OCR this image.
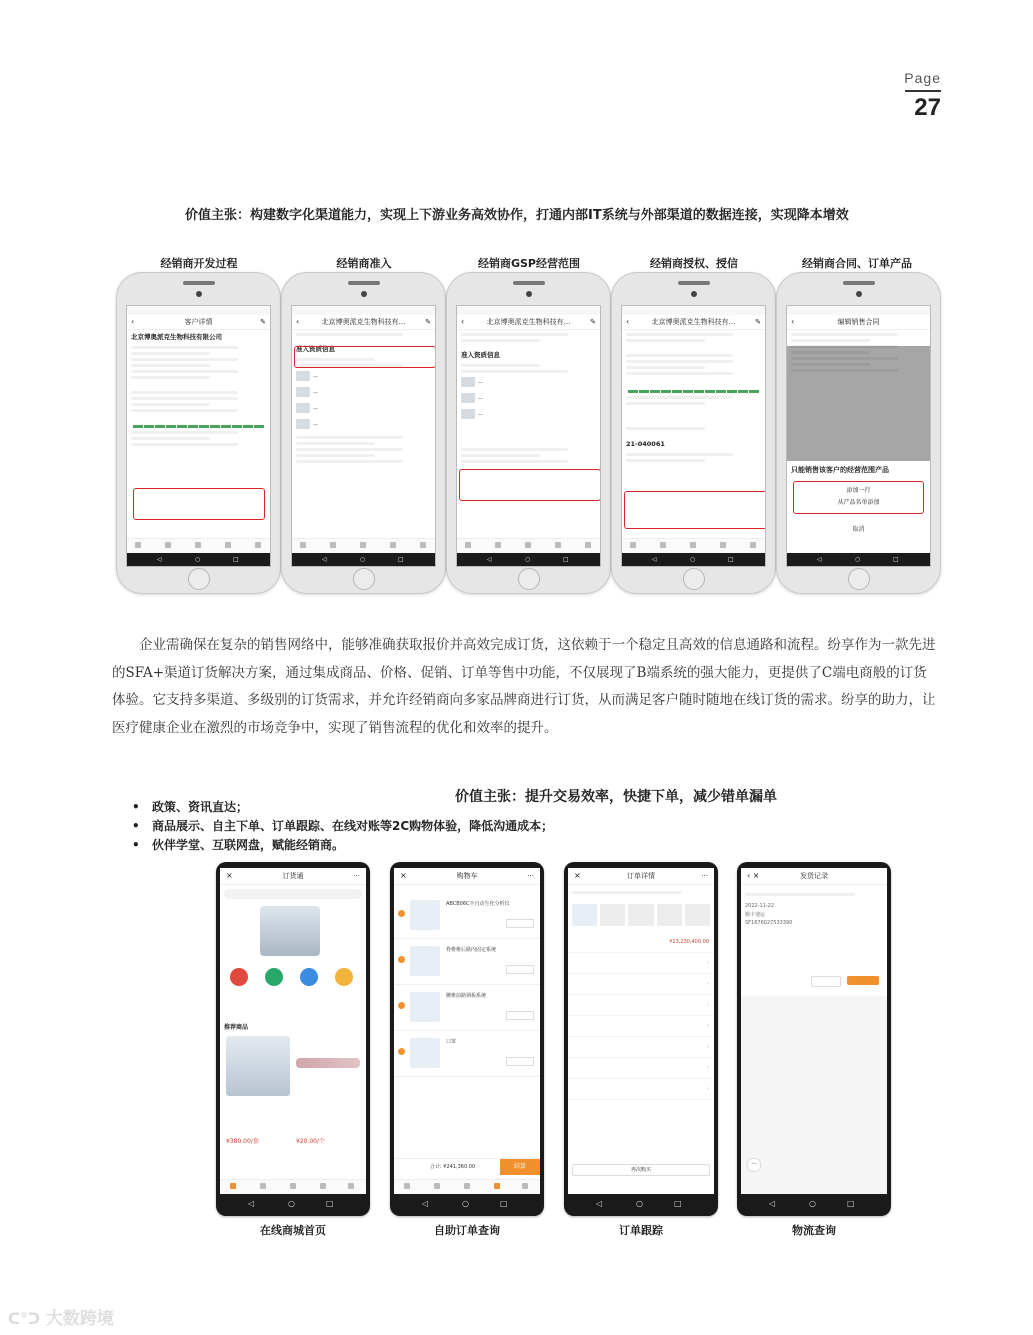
Page
27
价值主张：构建数字化渠道能力，实现上下游业务高效协作，打通内部IT系统与外部渠道的数据连接，实现降本增效
经销商开发过程	经销商准入	经销商GSP经营范围	经销商授权、授信	经销商合同、订单产品
‹	客户详情	✎
北京博奥派克生物科技有限公司
◁	○	□
‹	北京博奥派克生物科技有...	✎
准入资质信息
—
—
—
—
◁	○	□
‹	北京博奥派克生物科技有...	✎
准入资质信息
—
—
—
◁	○	□
‹	北京博奥派克生物科技有...	✎
21-040061
◁	○	□
‹	编辑销售合同
只能销售该客户的经营范围产品
添加一行
从产品名单添加
取消
◁	○	□
企业需确保在复杂的销售网络中，能够准确获取报价并高效完成订货，这依赖于一个稳定且高效的信息通路和流程。纷享作为一款先进的SFA+渠道订货解决方案，通过集成商品、价格、促销、订单等售中功能，不仅展现了B端系统的强大能力，更提供了C端电商般的订货体验。它支持多渠道、多级别的订货需求，并允许经销商向多家品牌商进行订货，从而满足客户随时随地在线订货的需求。纷享的助力，让医疗健康企业在激烈的市场竞争中，实现了销售流程的优化和效率的提升。
价值主张：提升交易效率，快捷下单，减少错单漏单
• 政策、资讯直达；
• 商品展示、自主下单、订单跟踪、在线对账等2C购物体验，降低沟通成本；
• 伙伴学堂、互联网盘，赋能经销商。
×	订货通	···
推荐商品
¥380.00/套	¥20.00/个
◁	○	□
×	购物车	···
ABCB06C全自动生化分析仪
脊椎椎后路内固定系统
腰椎前路钢板系统
口罩
合计: ¥241,360.00	结算
◁	○	□
×	订单详情	···

¥13,230,400.00

›

›

›

›

›

›

›
再次购买
◁	○	□
‹ ×	发货记录
2022-11-22
顺丰速运
SF1676027533390
···
◁	○	□
在线商城首页	自助订单查询	订单跟踪	物流查询
ᑕ°ᑐ 大数跨境
